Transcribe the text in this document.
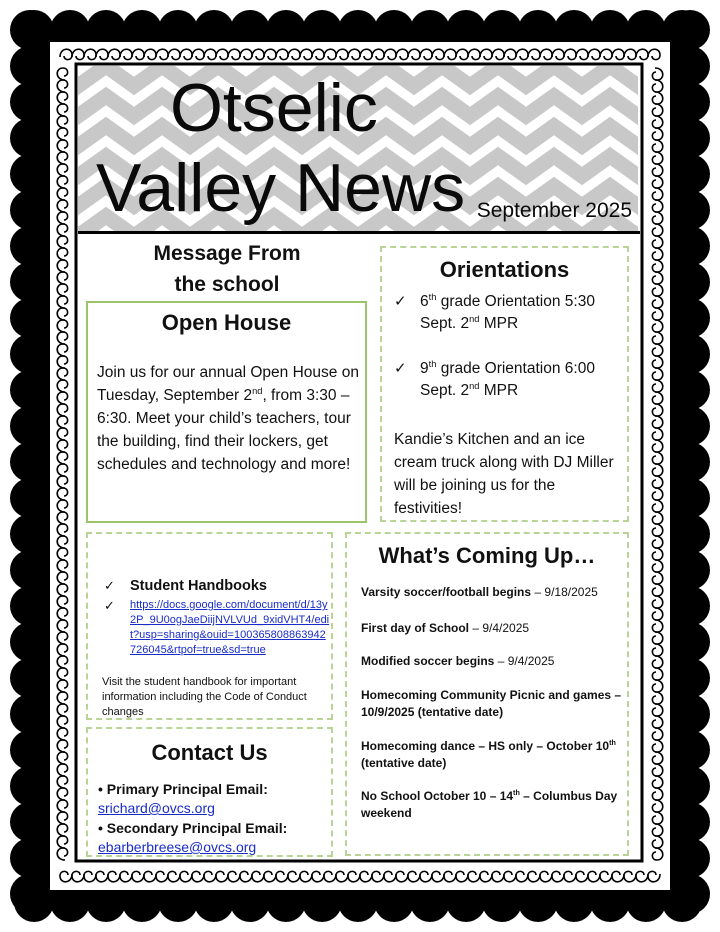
Otselic
Valley News September 2025
Message From
the school
Open House
Join us for our annual Open House on Tuesday, September 2nd, from 3:30 – 6:30. Meet your child’s teachers, tour the building, find their lockers, get schedules and technology and more!
Orientations
✓ 6th grade Orientation 5:30 Sept. 2nd MPR
✓ 9th grade Orientation 6:00 Sept. 2nd MPR
Kandie’s Kitchen and an ice cream truck along with DJ Miller will be joining us for the festivities!
✓ Student Handbooks
✓ https://docs.google.com/document/d/13y2P_9U0ogJaeDiijNVLVUd_9xidVHT4/edit?usp=sharing&ouid=100365808863942726045&rtpof=true&sd=true
Visit the student handbook for important information including the Code of Conduct changes
Contact Us
• Primary Principal Email:
srichard@ovcs.org
• Secondary Principal Email:
ebarberbreese@ovcs.org
What’s Coming Up…
Varsity soccer/football begins – 9/18/2025
First day of School – 9/4/2025
Modified soccer begins – 9/4/2025
Homecoming Community Picnic and games – 10/9/2025 (tentative date)
Homecoming dance – HS only – October 10th (tentative date)
No School October 10 – 14th – Columbus Day weekend
